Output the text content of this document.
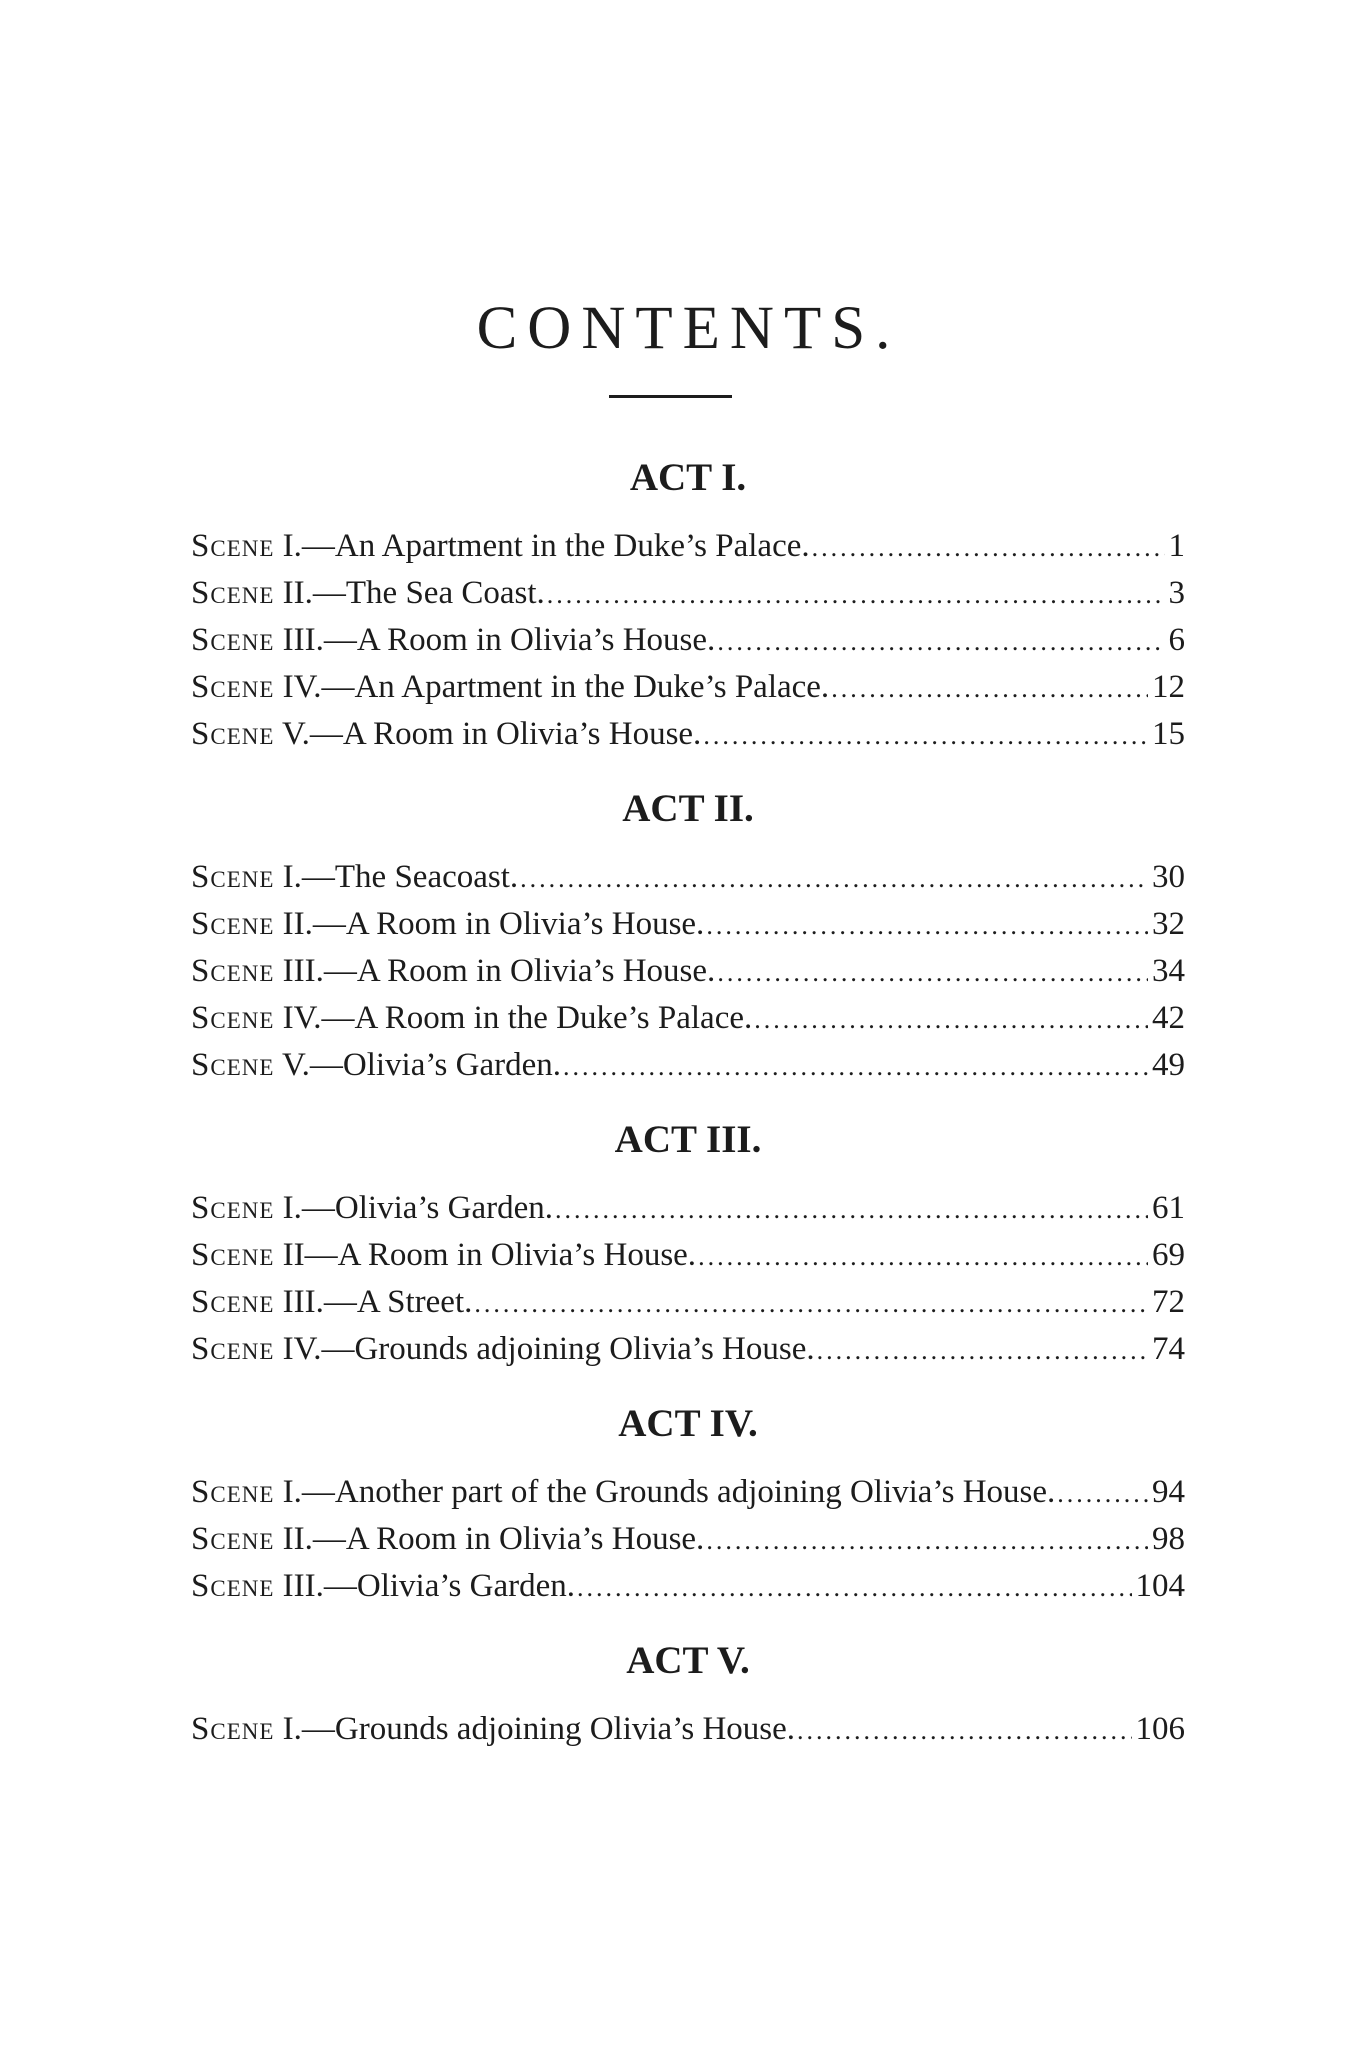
CONTENTS.
ACT I.
Scene I.—An Apartment in the Duke’s Palace. .....	1
Scene II.—The Sea Coast. .....	3
Scene III.—A Room in Olivia’s House. .....	6
Scene IV.—An Apartment in the Duke’s Palace. .....	12
Scene V.—A Room in Olivia’s House. .....	15
ACT II.
Scene I.—The Seacoast. .....	30
Scene II.—A Room in Olivia’s House. .....	32
Scene III.—A Room in Olivia’s House. .....	34
Scene IV.—A Room in the Duke’s Palace. .....	42
Scene V.—Olivia’s Garden. .....	49
ACT III.
Scene I.—Olivia’s Garden. .....	61
Scene II—A Room in Olivia’s House. .....	69
Scene III.—A Street. .....	72
Scene IV.—Grounds adjoining Olivia’s House. .....	74
ACT IV.
Scene I.—Another part of the Grounds adjoining Olivia’s House. .....	94
Scene II.—A Room in Olivia’s House. .....	98
Scene III.—Olivia’s Garden. .....	104
ACT V.
Scene I.—Grounds adjoining Olivia’s House. .....	106
